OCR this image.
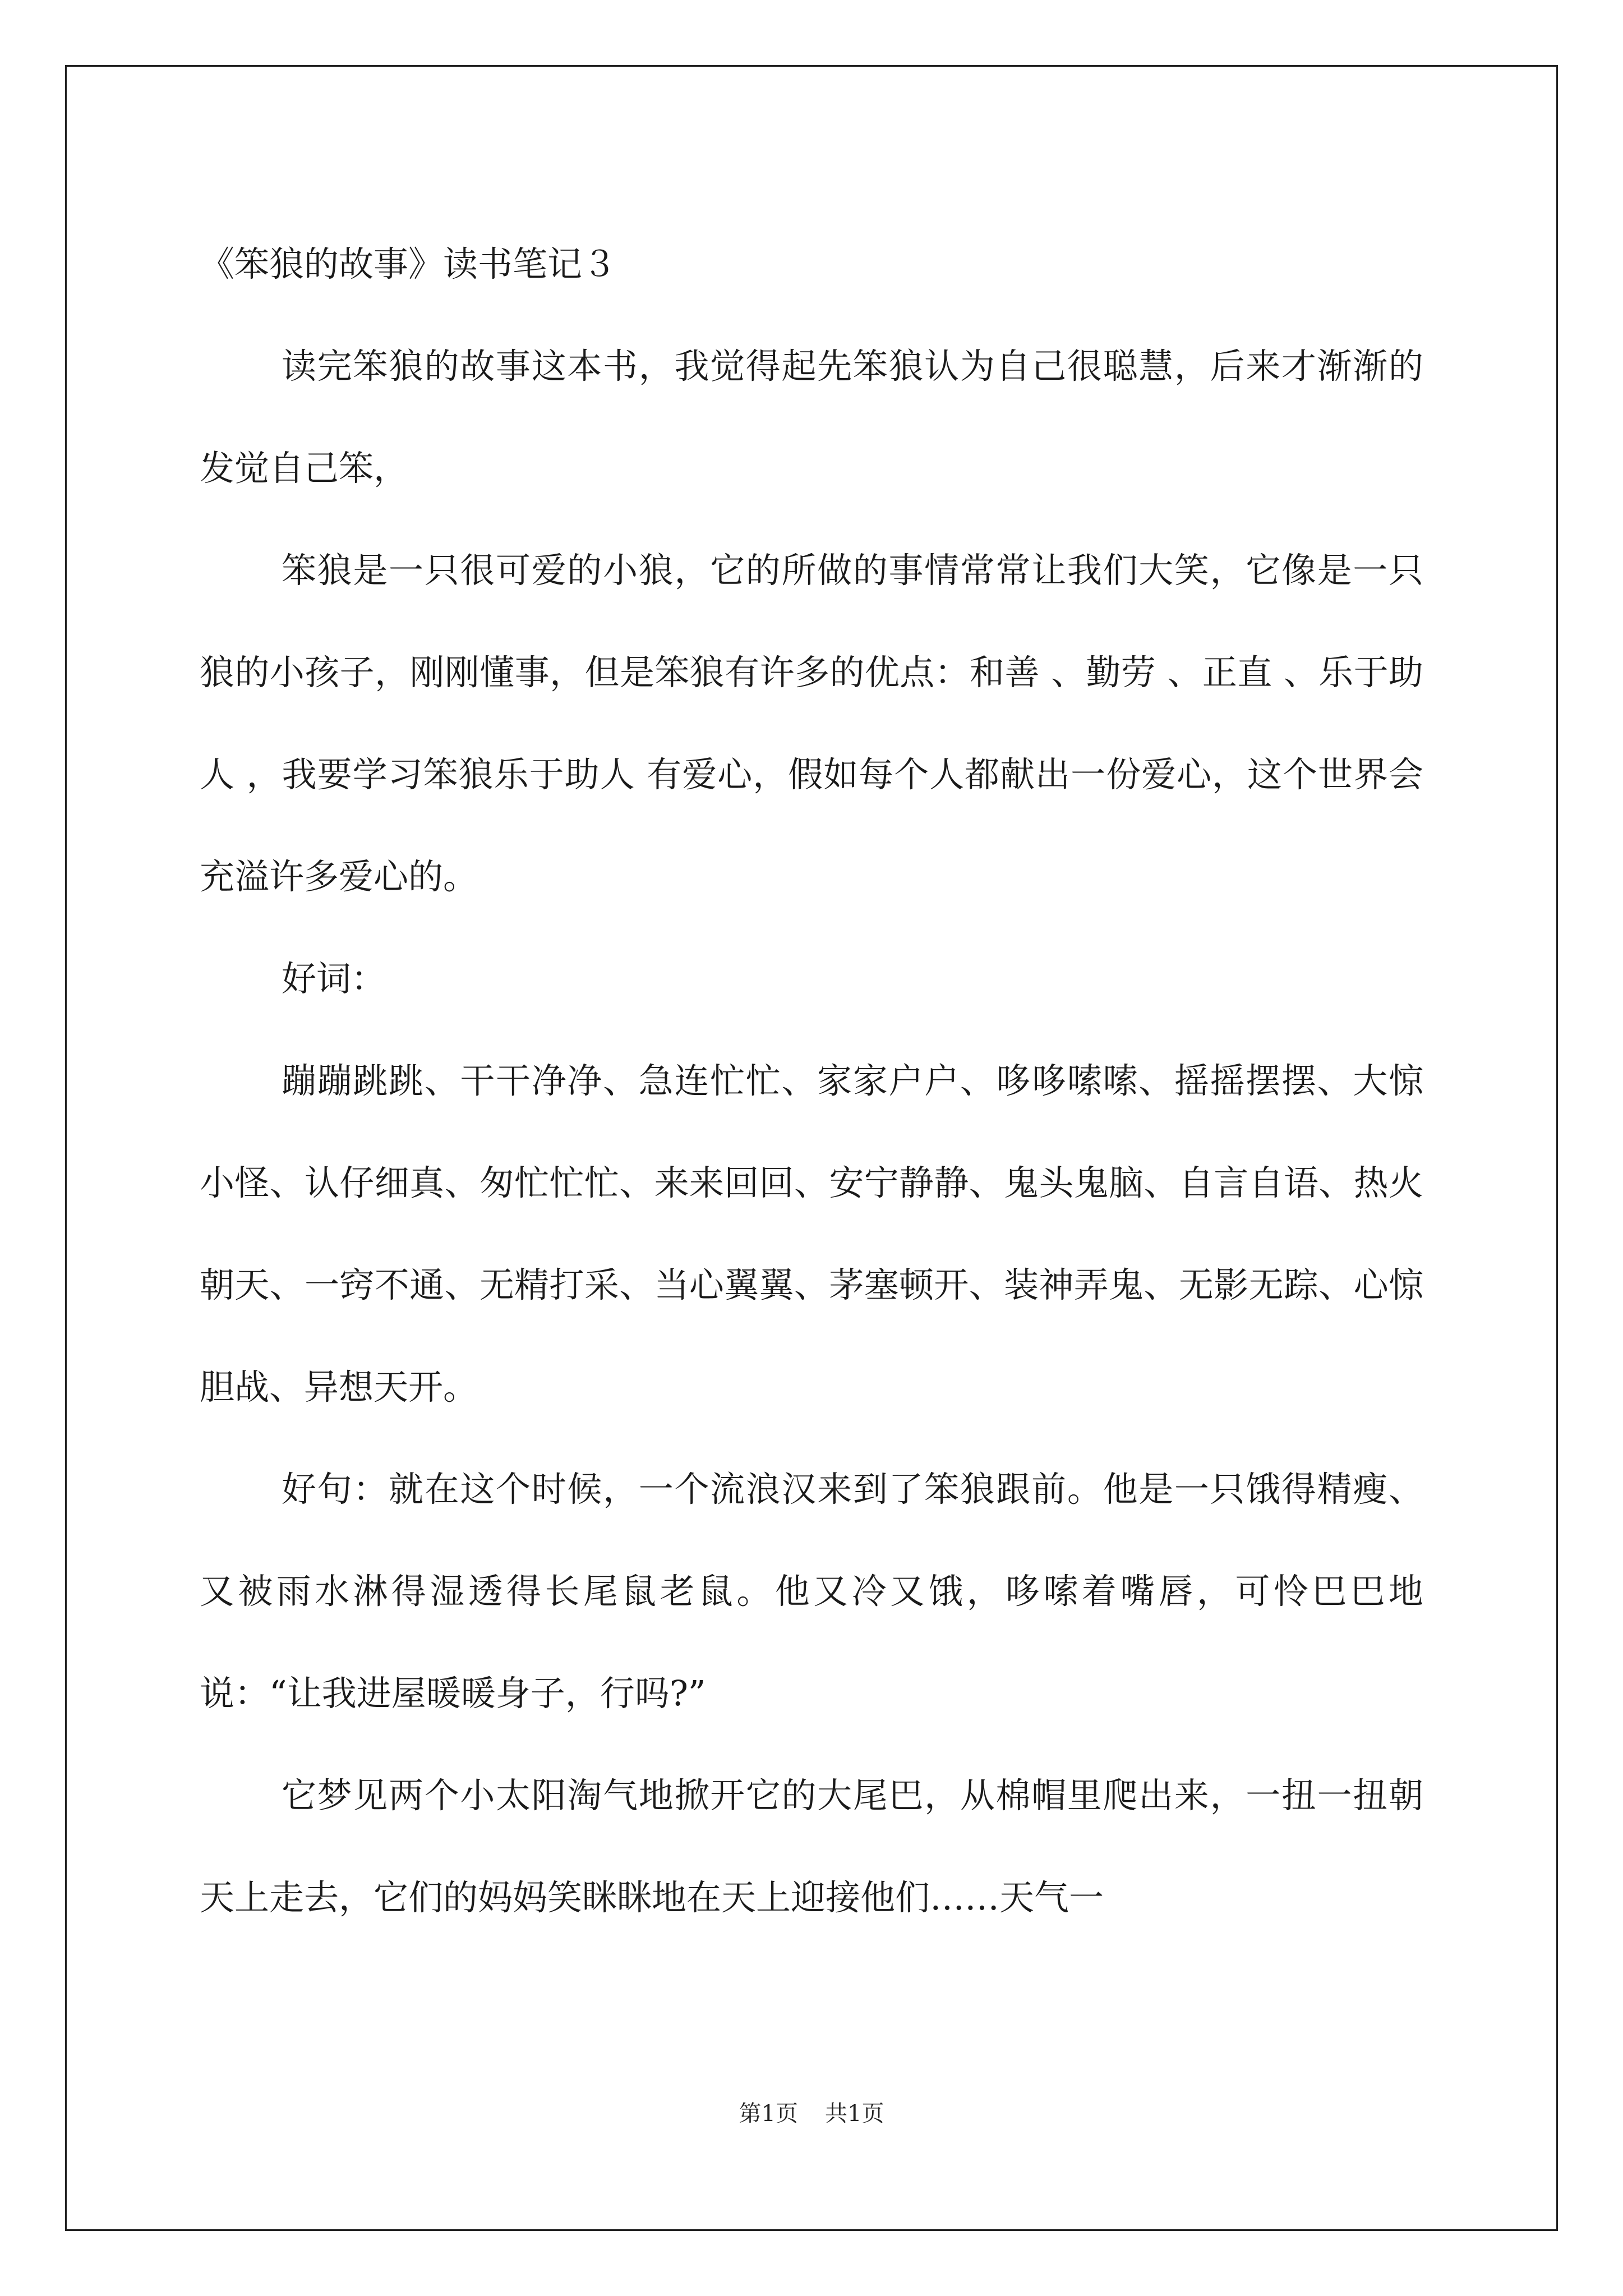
《笨狼的故事》读书笔记３

读完笨狼的故事这本书，我觉得起先笨狼认为自己很聪慧，后来才渐渐的发觉自己笨，

笨狼是一只很可爱的小狼，它的所做的事情常常让我们大笑，它像是一只狼的小孩子，刚刚懂事，但是笨狼有许多的优点：和善 、勤劳 、正直 、乐于助人 ，我要学习笨狼乐于助人 有爱心，假如每个人都献出一份爱心，这个世界会充溢许多爱心的。

好词：

蹦蹦跳跳、干干净净、急连忙忙、家家户户、哆哆嗦嗦、摇摇摆摆、大惊小怪、认仔细真、匆忙忙忙、来来回回、安宁静静、鬼头鬼脑、自言自语、热火朝天、一窍不通、无精打采、当心翼翼、茅塞顿开、装神弄鬼、无影无踪、心惊胆战、异想天开。

好句：就在这个时候，一个流浪汉来到了笨狼跟前。他是一只饿得精瘦、又被雨水淋得湿透得长尾鼠老鼠。他又冷又饿，哆嗦着嘴唇，可怜巴巴地说：“让我进屋暖暖身子，行吗?”

它梦见两个小太阳淘气地掀开它的大尾巴，从棉帽里爬出来，一扭一扭朝天上走去，它们的妈妈笑眯眯地在天上迎接他们……天气一

第1页 共1页
